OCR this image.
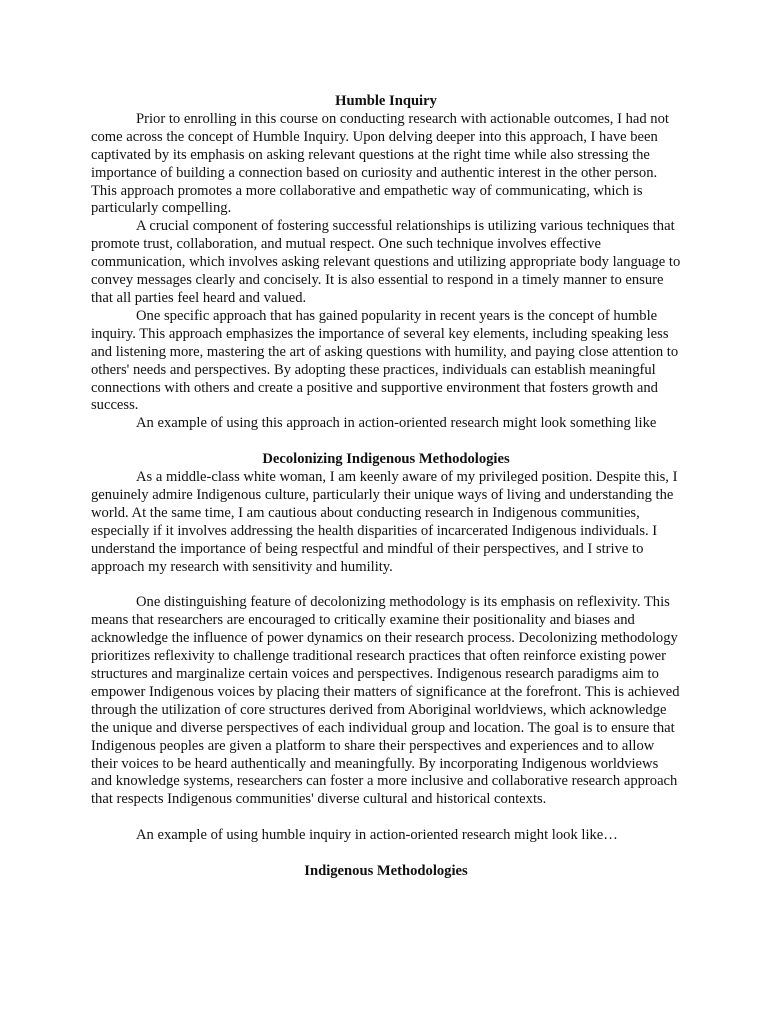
Humble Inquiry

Prior to enrolling in this course on conducting research with actionable outcomes, I had not come across the concept of Humble Inquiry. Upon delving deeper into this approach, I have been captivated by its emphasis on asking relevant questions at the right time while also stressing the importance of building a connection based on curiosity and authentic interest in the other person. This approach promotes a more collaborative and empathetic way of communicating, which is particularly compelling.

A crucial component of fostering successful relationships is utilizing various techniques that promote trust, collaboration, and mutual respect. One such technique involves effective communication, which involves asking relevant questions and utilizing appropriate body language to convey messages clearly and concisely. It is also essential to respond in a timely manner to ensure that all parties feel heard and valued.

One specific approach that has gained popularity in recent years is the concept of humble inquiry. This approach emphasizes the importance of several key elements, including speaking less and listening more, mastering the art of asking questions with humility, and paying close attention to others' needs and perspectives. By adopting these practices, individuals can establish meaningful connections with others and create a positive and supportive environment that fosters growth and success.

An example of using this approach in action-oriented research might look something like

Decolonizing Indigenous Methodologies

As a middle-class white woman, I am keenly aware of my privileged position. Despite this, I genuinely admire Indigenous culture, particularly their unique ways of living and understanding the world. At the same time, I am cautious about conducting research in Indigenous communities, especially if it involves addressing the health disparities of incarcerated Indigenous individuals. I understand the importance of being respectful and mindful of their perspectives, and I strive to approach my research with sensitivity and humility.

One distinguishing feature of decolonizing methodology is its emphasis on reflexivity. This means that researchers are encouraged to critically examine their positionality and biases and acknowledge the influence of power dynamics on their research process. Decolonizing methodology prioritizes reflexivity to challenge traditional research practices that often reinforce existing power structures and marginalize certain voices and perspectives. Indigenous research paradigms aim to empower Indigenous voices by placing their matters of significance at the forefront. This is achieved through the utilization of core structures derived from Aboriginal worldviews, which acknowledge the unique and diverse perspectives of each individual group and location. The goal is to ensure that Indigenous peoples are given a platform to share their perspectives and experiences and to allow their voices to be heard authentically and meaningfully. By incorporating Indigenous worldviews and knowledge systems, researchers can foster a more inclusive and collaborative research approach that respects Indigenous communities' diverse cultural and historical contexts.

An example of using humble inquiry in action-oriented research might look like…

Indigenous Methodologies
